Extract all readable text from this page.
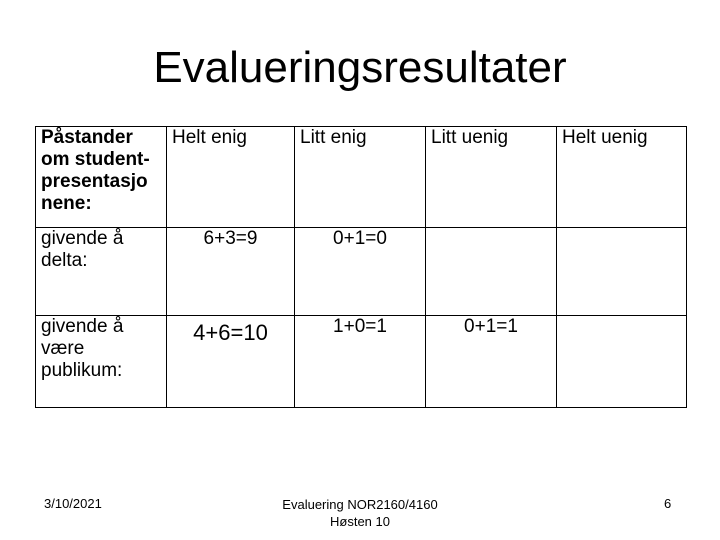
Evalueringsresultater
Påstander om student-presentasjo nene:	Helt enig	Litt enig	Litt uenig	Helt uenig
givende å delta:	6+3=9	0+1=0		
givende å være publikum:	4+6=10	1+0=1	0+1=1	
3/10/2021	Evaluering NOR2160/4160
Høsten 10
6
